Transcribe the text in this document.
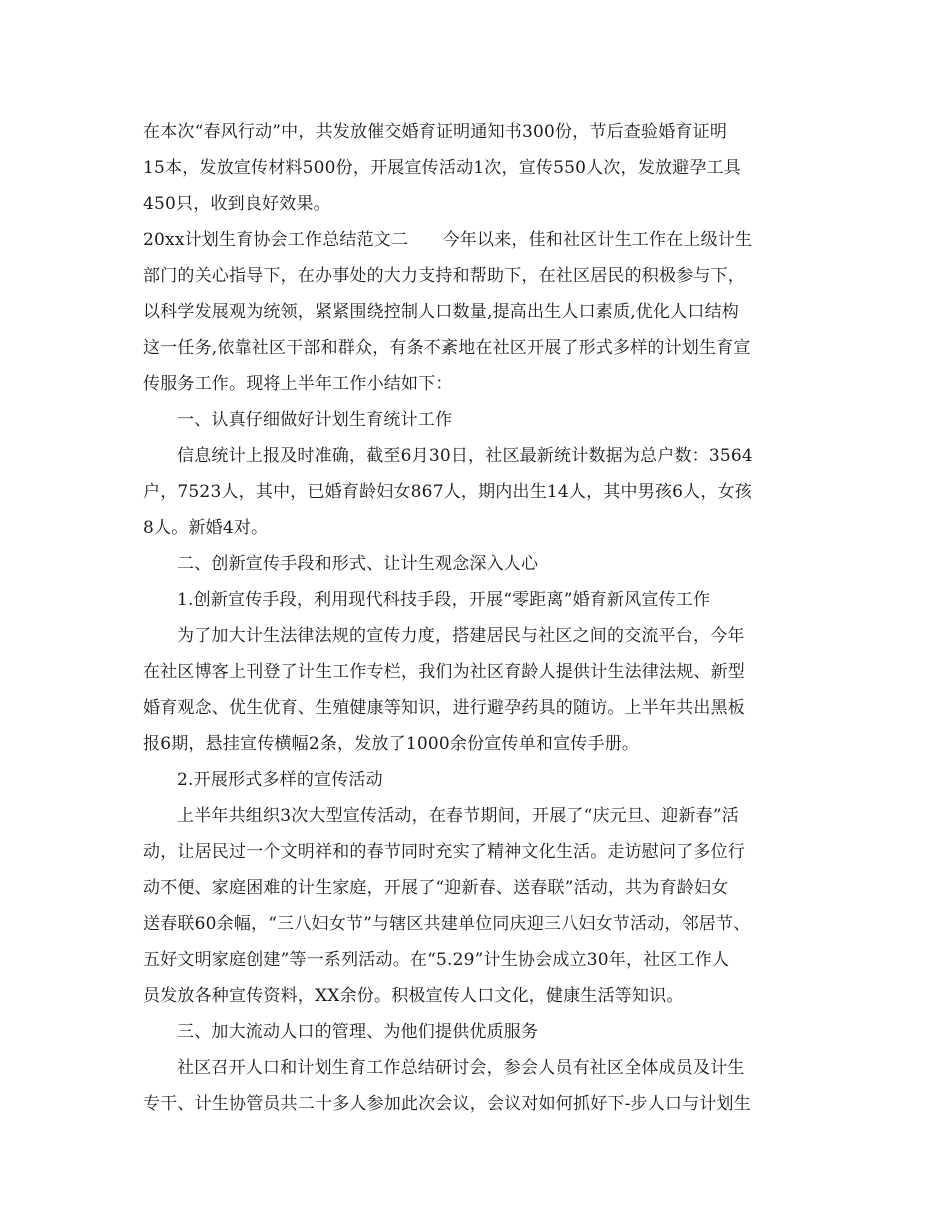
在本次“春风行动”中，共发放催交婚育证明通知书300份，节后查验婚育证明
15本，发放宣传材料500份，开展宣传活动1次，宣传550人次，发放避孕工具
450只，收到良好效果。
20xx计划生育协会工作总结范文二　　今年以来，佳和社区计生工作在上级计生
部门的关心指导下，在办事处的大力支持和帮助下，在社区居民的积极参与下，
以科学发展观为统领，紧紧围绕控制人口数量,提高出生人口素质,优化人口结构
这一任务,依靠社区干部和群众，有条不紊地在社区开展了形式多样的计划生育宣
传服务工作。现将上半年工作小结如下：
一、认真仔细做好计划生育统计工作
信息统计上报及时准确，截至6月30日，社区最新统计数据为总户数：3564
户，7523人，其中，已婚育龄妇女867人，期内出生14人，其中男孩6人，女孩
8人。新婚4对。
二、创新宣传手段和形式、让计生观念深入人心
1.创新宣传手段，利用现代科技手段，开展“零距离”婚育新风宣传工作
为了加大计生法律法规的宣传力度，搭建居民与社区之间的交流平台，今年
在社区博客上刊登了计生工作专栏，我们为社区育龄人提供计生法律法规、新型
婚育观念、优生优育、生殖健康等知识，进行避孕药具的随访。上半年共出黑板
报6期，悬挂宣传横幅2条，发放了1000余份宣传单和宣传手册。
2.开展形式多样的宣传活动
上半年共组织3次大型宣传活动，在春节期间，开展了“庆元旦、迎新春”活
动，让居民过一个文明祥和的春节同时充实了精神文化生活。走访慰问了多位行
动不便、家庭困难的计生家庭，开展了“迎新春、送春联”活动，共为育龄妇女
送春联60余幅，“三八妇女节”与辖区共建单位同庆迎三八妇女节活动，邻居节、
五好文明家庭创建”等一系列活动。在“5.29”计生协会成立30年，社区工作人
员发放各种宣传资料，XX余份。积极宣传人口文化，健康生活等知识。
三、加大流动人口的管理、为他们提供优质服务
社区召开人口和计划生育工作总结研讨会，参会人员有社区全体成员及计生
专干、计生协管员共二十多人参加此次会议，会议对如何抓好下-步人口与计划生
